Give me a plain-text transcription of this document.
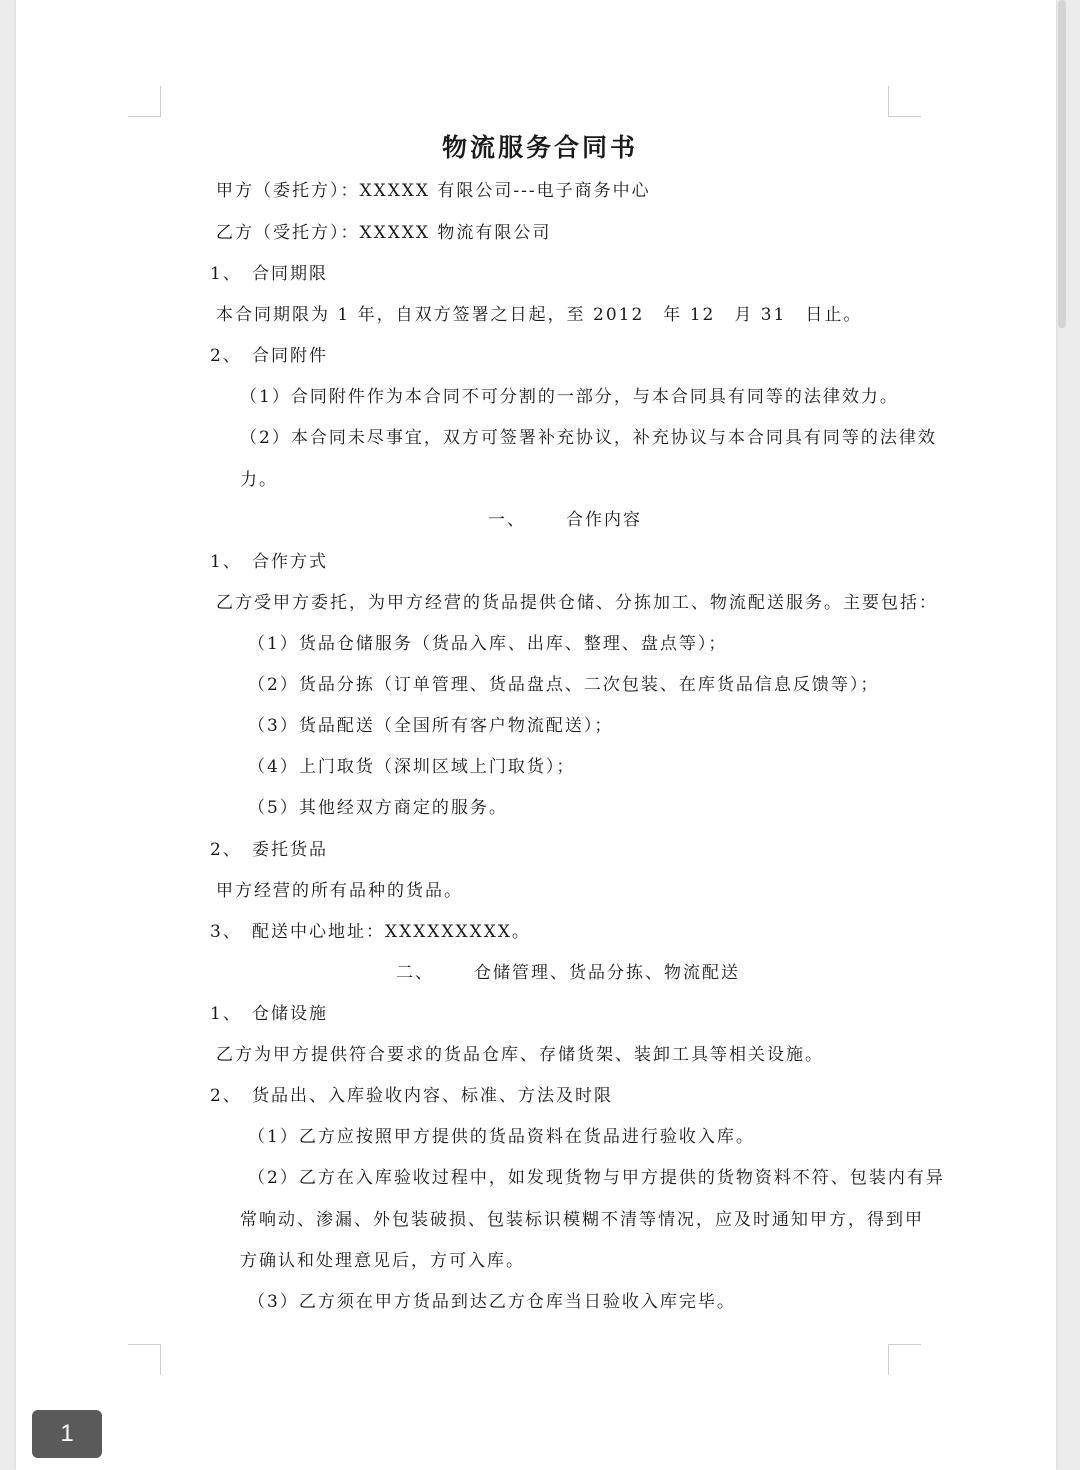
物流服务合同书
甲方（委托方）：XXXXX 有限公司---电子商务中心
乙方（受托方）：XXXXX 物流有限公司
1、 合同期限
本合同期限为 1 年，自双方签署之日起，至 2012　年 12　月 31　日止。
2、 合同附件
（1）合同附件作为本合同不可分割的一部分，与本合同具有同等的法律效力。
（2）本合同未尽事宜，双方可签署补充协议，补充协议与本合同具有同等的法律效
力。
一、 合作内容
1、 合作方式
乙方受甲方委托，为甲方经营的货品提供仓储、分拣加工、物流配送服务。主要包括：
（1）货品仓储服务（货品入库、出库、整理、盘点等）；
（2）货品分拣（订单管理、货品盘点、二次包装、在库货品信息反馈等）；
（3）货品配送（全国所有客户物流配送）；
（4）上门取货（深圳区域上门取货）；
（5）其他经双方商定的服务。
2、 委托货品
甲方经营的所有品种的货品。
3、 配送中心地址：XXXXXXXXX。
二、 仓储管理、货品分拣、物流配送
1、 仓储设施
乙方为甲方提供符合要求的货品仓库、存储货架、装卸工具等相关设施。
2、 货品出、入库验收内容、标准、方法及时限
（1）乙方应按照甲方提供的货品资料在货品进行验收入库。
（2）乙方在入库验收过程中，如发现货物与甲方提供的货物资料不符、包装内有异
常响动、渗漏、外包装破损、包装标识模糊不清等情况，应及时通知甲方，得到甲
方确认和处理意见后，方可入库。
（3）乙方须在甲方货品到达乙方仓库当日验收入库完毕。
1
